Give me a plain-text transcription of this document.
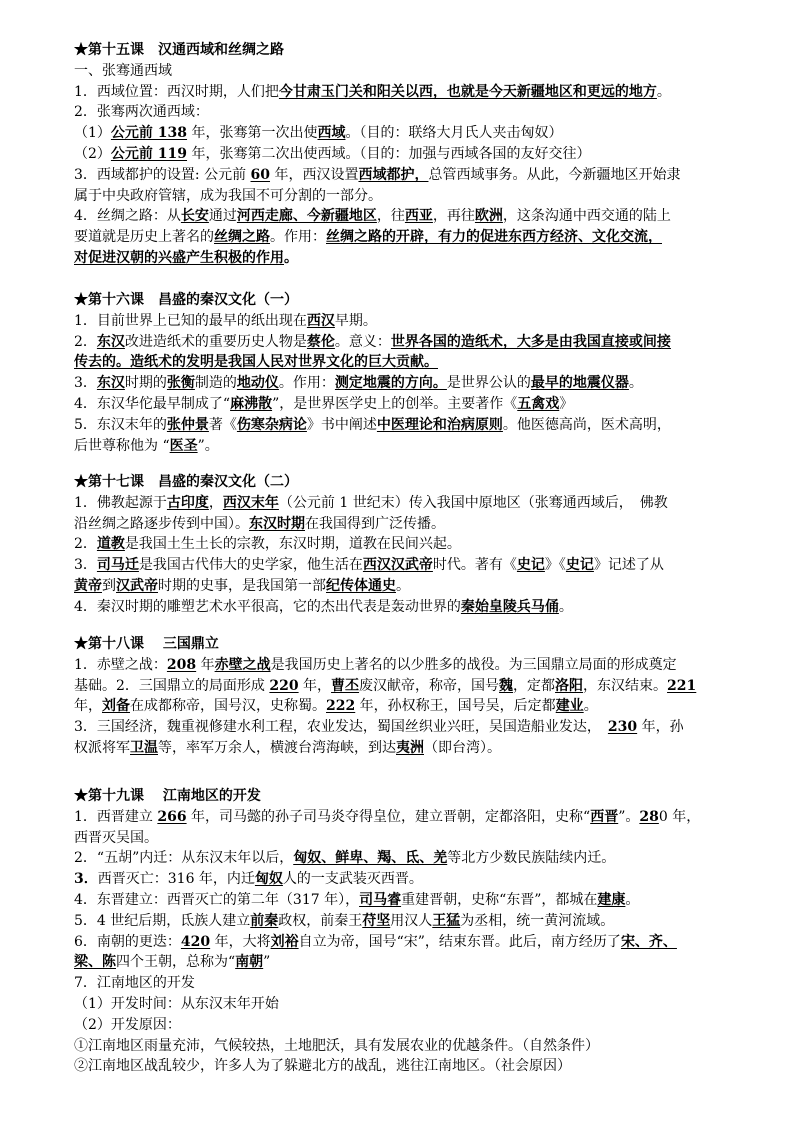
★第十五课　汉通西域和丝绸之路
一、张骞通西域
1．西域位置：西汉时期，人们把今甘肃玉门关和阳关以西，也就是今天新疆地区和更远的地方。
2．张骞两次通西域：
（1）公元前 138 年，张骞第一次出使西域。（目的：联络大月氏人夹击匈奴）
（2）公元前 119 年，张骞第二次出使西域。（目的：加强与西域各国的友好交往）
3．西域都护的设置: 公元前 60 年，西汉设置西域都护，总管西域事务。从此，今新疆地区开始隶
属于中央政府管辖，成为我国不可分割的一部分。
4．丝绸之路：从长安通过河西走廊、今新疆地区，往西亚，再往欧洲，这条沟通中西交通的陆上
要道就是历史上著名的丝绸之路。作用：丝绸之路的开辟，有力的促进东西方经济、文化交流，
对促进汉朝的兴盛产生积极的作用。
★第十六课　昌盛的秦汉文化（一）
1．目前世界上已知的最早的纸出现在西汉早期。
2．东汉改进造纸术的重要历史人物是蔡伦。意义：世界各国的造纸术，大多是由我国直接或间接
传去的。造纸术的发明是我国人民对世界文化的巨大贡献。
3．东汉时期的张衡制造的地动仪。作用：测定地震的方向。是世界公认的最早的地震仪器。
4．东汉华佗最早制成了“麻沸散”，是世界医学史上的创举。主要著作《五禽戏》
5．东汉末年的张仲景著《伤寒杂病论》书中阐述中医理论和治病原则。他医德高尚，医术高明，
后世尊称他为 “医圣”。
★第十七课　昌盛的秦汉文化（二）
1．佛教起源于古印度，西汉末年（公元前 1 世纪末）传入我国中原地区（张骞通西域后，　佛教
沿丝绸之路逐步传到中国）。东汉时期在我国得到广泛传播。
2．道教是我国土生土长的宗教，东汉时期，道教在民间兴起。
3．司马迁是我国古代伟大的史学家，他生活在西汉汉武帝时代。著有《史记》《史记》记述了从
黄帝到汉武帝时期的史事，是我国第一部纪传体通史。
4．秦汉时期的雕塑艺术水平很高，它的杰出代表是轰动世界的秦始皇陵兵马俑。
★第十八课　 三国鼎立
1．赤壁之战：208 年赤壁之战是我国历史上著名的以少胜多的战役。为三国鼎立局面的形成奠定
基础。2．三国鼎立的局面形成 220 年，曹丕废汉献帝，称帝，国号魏，定都洛阳，东汉结束。221
年，刘备在成都称帝，国号汉，史称蜀。222 年，孙权称王，国号吴，后定都建业。
3．三国经济，魏重视修建水利工程，农业发达，蜀国丝织业兴旺，吴国造船业发达，　230 年，孙
权派将军卫温等，率军万余人，横渡台湾海峡，到达夷洲（即台湾）。
★第十九课　 江南地区的开发
1．西晋建立 266 年，司马懿的孙子司马炎夺得皇位，建立晋朝，定都洛阳，史称“西晋”。280 年，
西晋灭吴国。
2．“五胡”内迁：从东汉末年以后，匈奴、鲜卑、羯、氐、羌等北方少数民族陆续内迁。
3．西晋灭亡：316 年，内迁匈奴人的一支武装灭西晋。
4．东晋建立：西晋灭亡的第二年（317 年），司马睿重建晋朝，史称“东晋”，都城在建康。
5．4 世纪后期，氐族人建立前秦政权，前秦王苻坚用汉人王猛为丞相，统一黄河流域。
6．南朝的更迭：420 年，大将刘裕自立为帝，国号“宋”，结束东晋。此后，南方经历了宋、齐、
梁、陈四个王朝，总称为“南朝”
7．江南地区的开发
（1）开发时间：从东汉末年开始
（2）开发原因：
①江南地区雨量充沛，气候较热，土地肥沃，具有发展农业的优越条件。（自然条件）
②江南地区战乱较少，许多人为了躲避北方的战乱，逃往江南地区。（社会原因）
